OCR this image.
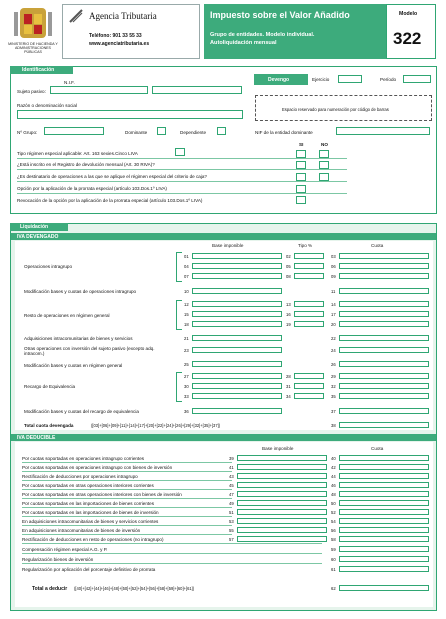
MINISTERIO DE HACIENDA Y ADMINISTRACIONES PÚBLICAS
Agencia Tributaria
Teléfono: 901 33 55 33
www.agenciatributaria.es
Impuesto sobre el Valor Añadido
Grupo de entidades. Modelo individual.
Autoliquidación mensual
Modelo
322
Identificación
N.I.F.
Sujeto pasivo:
Devengo	Ejercicio	Período
Razón o denominación social
Espacio reservado para numeración por código de barras
Nº Grupo:	Dominante	Dependiente	NIF de la entidad dominante
SI	NO
Tipo régimen especial aplicable: Art. 163 sexies.Cinco LIVA
¿Está inscrito en el Registro de devolución mensual (Art. 30 RIVA)?
¿Es destinatario de operaciones a las que se aplique el régimen especial del criterio de caja?
Opción por la aplicación de la prorrata especial (artículo 103.Dos.1º LIVA)
Revocación de la opción por la aplicación de la prorrata especial (artículo 103.Dos.1º LIVA)
Liquidación
IVA DEVENGADO
Base imponible	Tipo %	Cuota
Operaciones intragrupo
01	02	03
04	05	06
07	08	09
Modificación bases y cuotas de operaciones intragrupo	10	11
Resto de operaciones en régimen general
12	13	14
15	16	17
18	19	20
Adquisiciones intracomunitarias de bienes y servicios	21	22
Otras operaciones con inversión del sujeto pasivo (excepto adq. intracom.)
23	24
Modificación bases y cuotas en régimen general	25	26
Recargo de Equivalencia
27	28	29
30	31	32
33	34	35
Modificación bases y cuotas del recargo de equivalencia	36	37
Total cuota devengada	([03]+[06]+[09]+[11]+[14]+[17]+[20]+[22]+[24]+[26]+[29]+[32]+[35]+[37])	38
IVA DEDUCIBLE
Base imponible	Cuota
Por cuotas soportadas en operaciones intragrupo corrientes	39	40
Por cuotas soportadas en operaciones intragrupo con bienes de inversión	41	42
Rectificación de deducciones por operaciones intragrupo	43	44
Por cuotas soportadas en otras operaciones interiores corrientes	45	46
Por cuotas soportadas en otras operaciones interiores con bienes de inversión	47	48
Por cuotas soportadas en las importaciones de bienes corrientes	49	50
Por cuotas soportadas en las importaciones de bienes de inversión	51	52
En adquisiciones intracomunitarias de bienes y servicios corrientes	53	54
En adquisiciones intracomunitarias de bienes de inversión	55	56
Rectificación de deducciones en resto de operaciones (no intragrupo)	57	58
Compensación régimen especial A.G. y P.	59
Regularización bienes de inversión	60
Regularización por aplicación del porcentaje definitivo de prorrata	61
Total a deducir ([40]+[42]+[44]+[46]+[48]+[50]+[52]+[54]+[56]+[58]+[59]+[60]+[61])	62
